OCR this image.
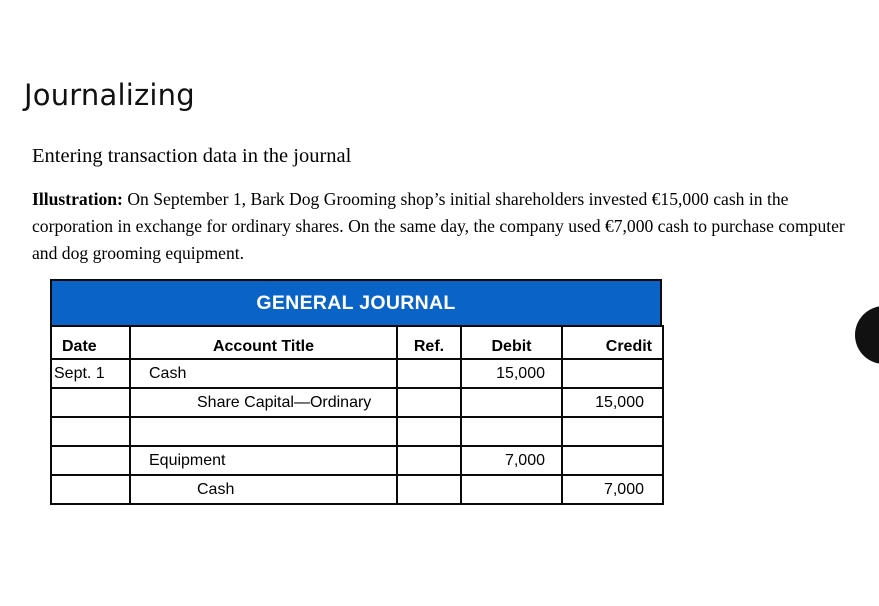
Journalizing

Entering transaction data in the journal

Illustration: On September 1, Bark Dog Grooming shop’s initial shareholders invested €15,000 cash in the corporation in exchange for ordinary shares. On the same day, the company used €7,000 cash to purchase computer and dog grooming equipment.

GENERAL JOURNAL
Date	Account Title	Ref.	Debit	Credit
Sept. 1	Cash		15,000	
	Share Capital—Ordinary			15,000

	Equipment		7,000	
	Cash			7,000
